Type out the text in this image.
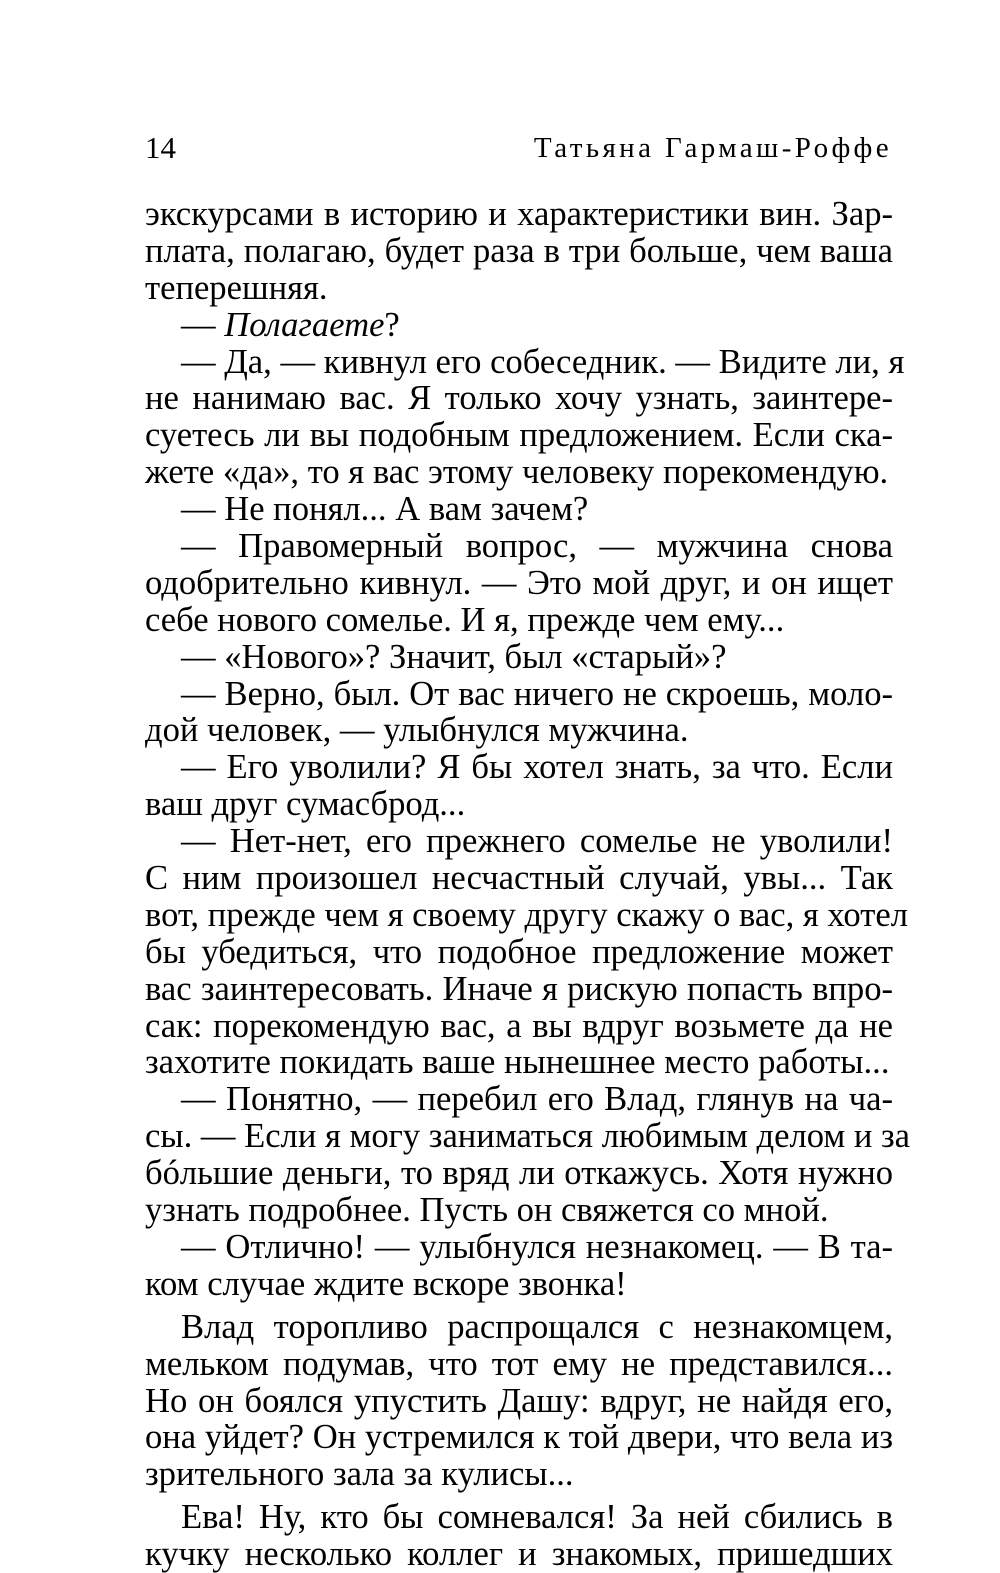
14	Татьяна Гармаш-Роффе
экскурсами в историю и характеристики вин. Зар-
плата, полагаю, будет раза в три больше, чем ваша
теперешняя.
— Полагаете?
— Да, — кивнул его собеседник. — Видите ли, я
не нанимаю вас. Я только хочу узнать, заинтере-
суетесь ли вы подобным предложением. Если ска-
жете «да», то я вас этому человеку порекомендую.
— Не понял... А вам зачем?
— Правомерный вопрос, — мужчина снова
одобрительно кивнул. — Это мой друг, и он ищет
себе нового сомелье. И я, прежде чем ему...
— «Нового»? Значит, был «старый»?
— Верно, был. От вас ничего не скроешь, моло-
дой человек, — улыбнулся мужчина.
— Его уволили? Я бы хотел знать, за что. Если
ваш друг сумасброд...
— Нет-нет, его прежнего сомелье не уволили!
С ним произошел несчастный случай, увы... Так
вот, прежде чем я своему другу скажу о вас, я хотел
бы убедиться, что подобное предложение может
вас заинтересовать. Иначе я рискую попасть впро-
сак: порекомендую вас, а вы вдруг возьмете да не
захотите покидать ваше нынешнее место работы...
— Понятно, — перебил его Влад, глянув на ча-
сы. — Если я могу заниматься любимым делом и за
бóльшие деньги, то вряд ли откажусь. Хотя нужно
узнать подробнее. Пусть он свяжется со мной.
— Отлично! — улыбнулся незнакомец. — В та-
ком случае ждите вскоре звонка!
Влад торопливо распрощался с незнакомцем,
мельком подумав, что тот ему не представился...
Но он боялся упустить Дашу: вдруг, не найдя его,
она уйдет? Он устремился к той двери, что вела из
зрительного зала за кулисы...
Ева! Ну, кто бы сомневался! За ней сбились в
кучку несколько коллег и знакомых, пришедших
